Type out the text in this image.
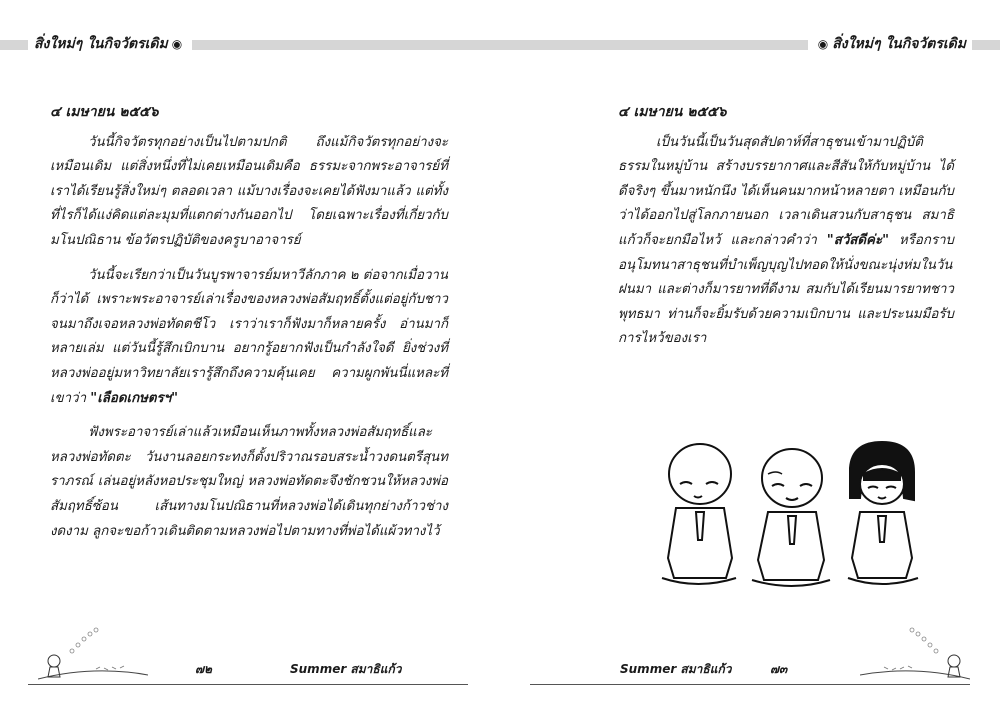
สิ่งใหม่ๆ ในกิจวัตรเดิม ◉
๔ เมษายน ๒๕๕๖

วันนี้กิจวัตรทุกอย่างเป็นไปตามปกติ ถึงแม้กิจวัตรทุกอย่างจะเหมือนเดิม แต่สิ่งหนึ่งที่ไม่เคยเหมือนเดิมคือ ธรรมะจากพระอาจารย์ที่เราได้เรียนรู้สิ่งใหม่ๆ ตลอดเวลา แม้บางเรื่องจะเคยได้ฟังมาแล้ว แต่ทั้งที่ไรก็ได้แง่คิดแต่ละมุมที่แตกต่างกันออกไป โดยเฉพาะเรื่องที่เกี่ยวกับมโนปณิธาน ข้อวัตรปฏิบัติของครูบาอาจารย์

วันนี้จะเรียกว่าเป็นวันบูรพาจารย์มหาวีลักภาค ๒ ต่อจากเมื่อวานก็ว่าได้ เพราะพระอาจารย์เล่าเรื่องของหลวงพ่อสัมฤทธิ์ตั้งแต่อยู่กับชาวจนมาถึงเจอหลวงพ่อทัดตชีโว เราว่าเราก็ฟังมาก็หลายครั้ง อ่านมาก็หลายเล่ม แต่วันนี้รู้สึกเบิกบาน อยากรู้อยากฟังเป็นกำลังใจดี ยิ่งช่วงที่หลวงพ่ออยู่มหาวิทยาลัยเรารู้สึกถึงความคุ้นเคย ความผูกพันนี่แหละที่เขาว่า "เลือดเกษตรฯ"

ฟังพระอาจารย์เล่าแล้วเหมือนเห็นภาพทั้งหลวงพ่อสัมฤทธิ์และหลวงพ่อทัดตะ วันงานลอยกระทงก็ตั้งปริวาณรอบสระน้ำวงดนตรีสุนทราภรณ์ เล่นอยู่หลังหอประชุมใหญ่ หลวงพ่อทัดตะจึงชักชวนให้หลวงพ่อสัมฤทธิ์ซ้อน เส้นทางมโนปณิธานที่หลวงพ่อได้เดินทุกย่างก้าวช่างงดงาม ลูกจะขอก้าวเดินติดตามหลวงพ่อไปตามทางที่พ่อได้แผ้วทางไว้

๗๒	Summer สมาธิแก้ว
◉ สิ่งใหม่ๆ ในกิจวัตรเดิม
๔ เมษายน ๒๕๕๖

เป็นวันนี้เป็นวันสุดสัปดาห์ที่สาธุชนเข้ามาปฏิบัติธรรมในหมู่บ้าน สร้างบรรยากาศและสีสันให้กับหมู่บ้าน ได้ดีจริงๆ ขึ้นมาหนักนึง ได้เห็นคนมากหน้าหลายตา เหมือนกับว่าได้ออกไปสู่โลกภายนอก เวลาเดินสวนกับสาธุชน สมาธิแก้วก็จะยกมือไหว้ และกล่าวคำว่า "สวัสดีค่ะ" หรือกราบอนุโมทนาสาธุชนที่บำเพ็ญบุญไปทอดให้นั่งขณะนุ่งห่มในวันฝนมา และต่างก็มารยาทที่ดีงาม สมกับได้เรียนมารยาทชาวพุทธมา ท่านก็จะยิ้มรับด้วยความเบิกบาน และประนมมือรับการไหว้ของเรา

Summer สมาธิแก้ว	๗๓
